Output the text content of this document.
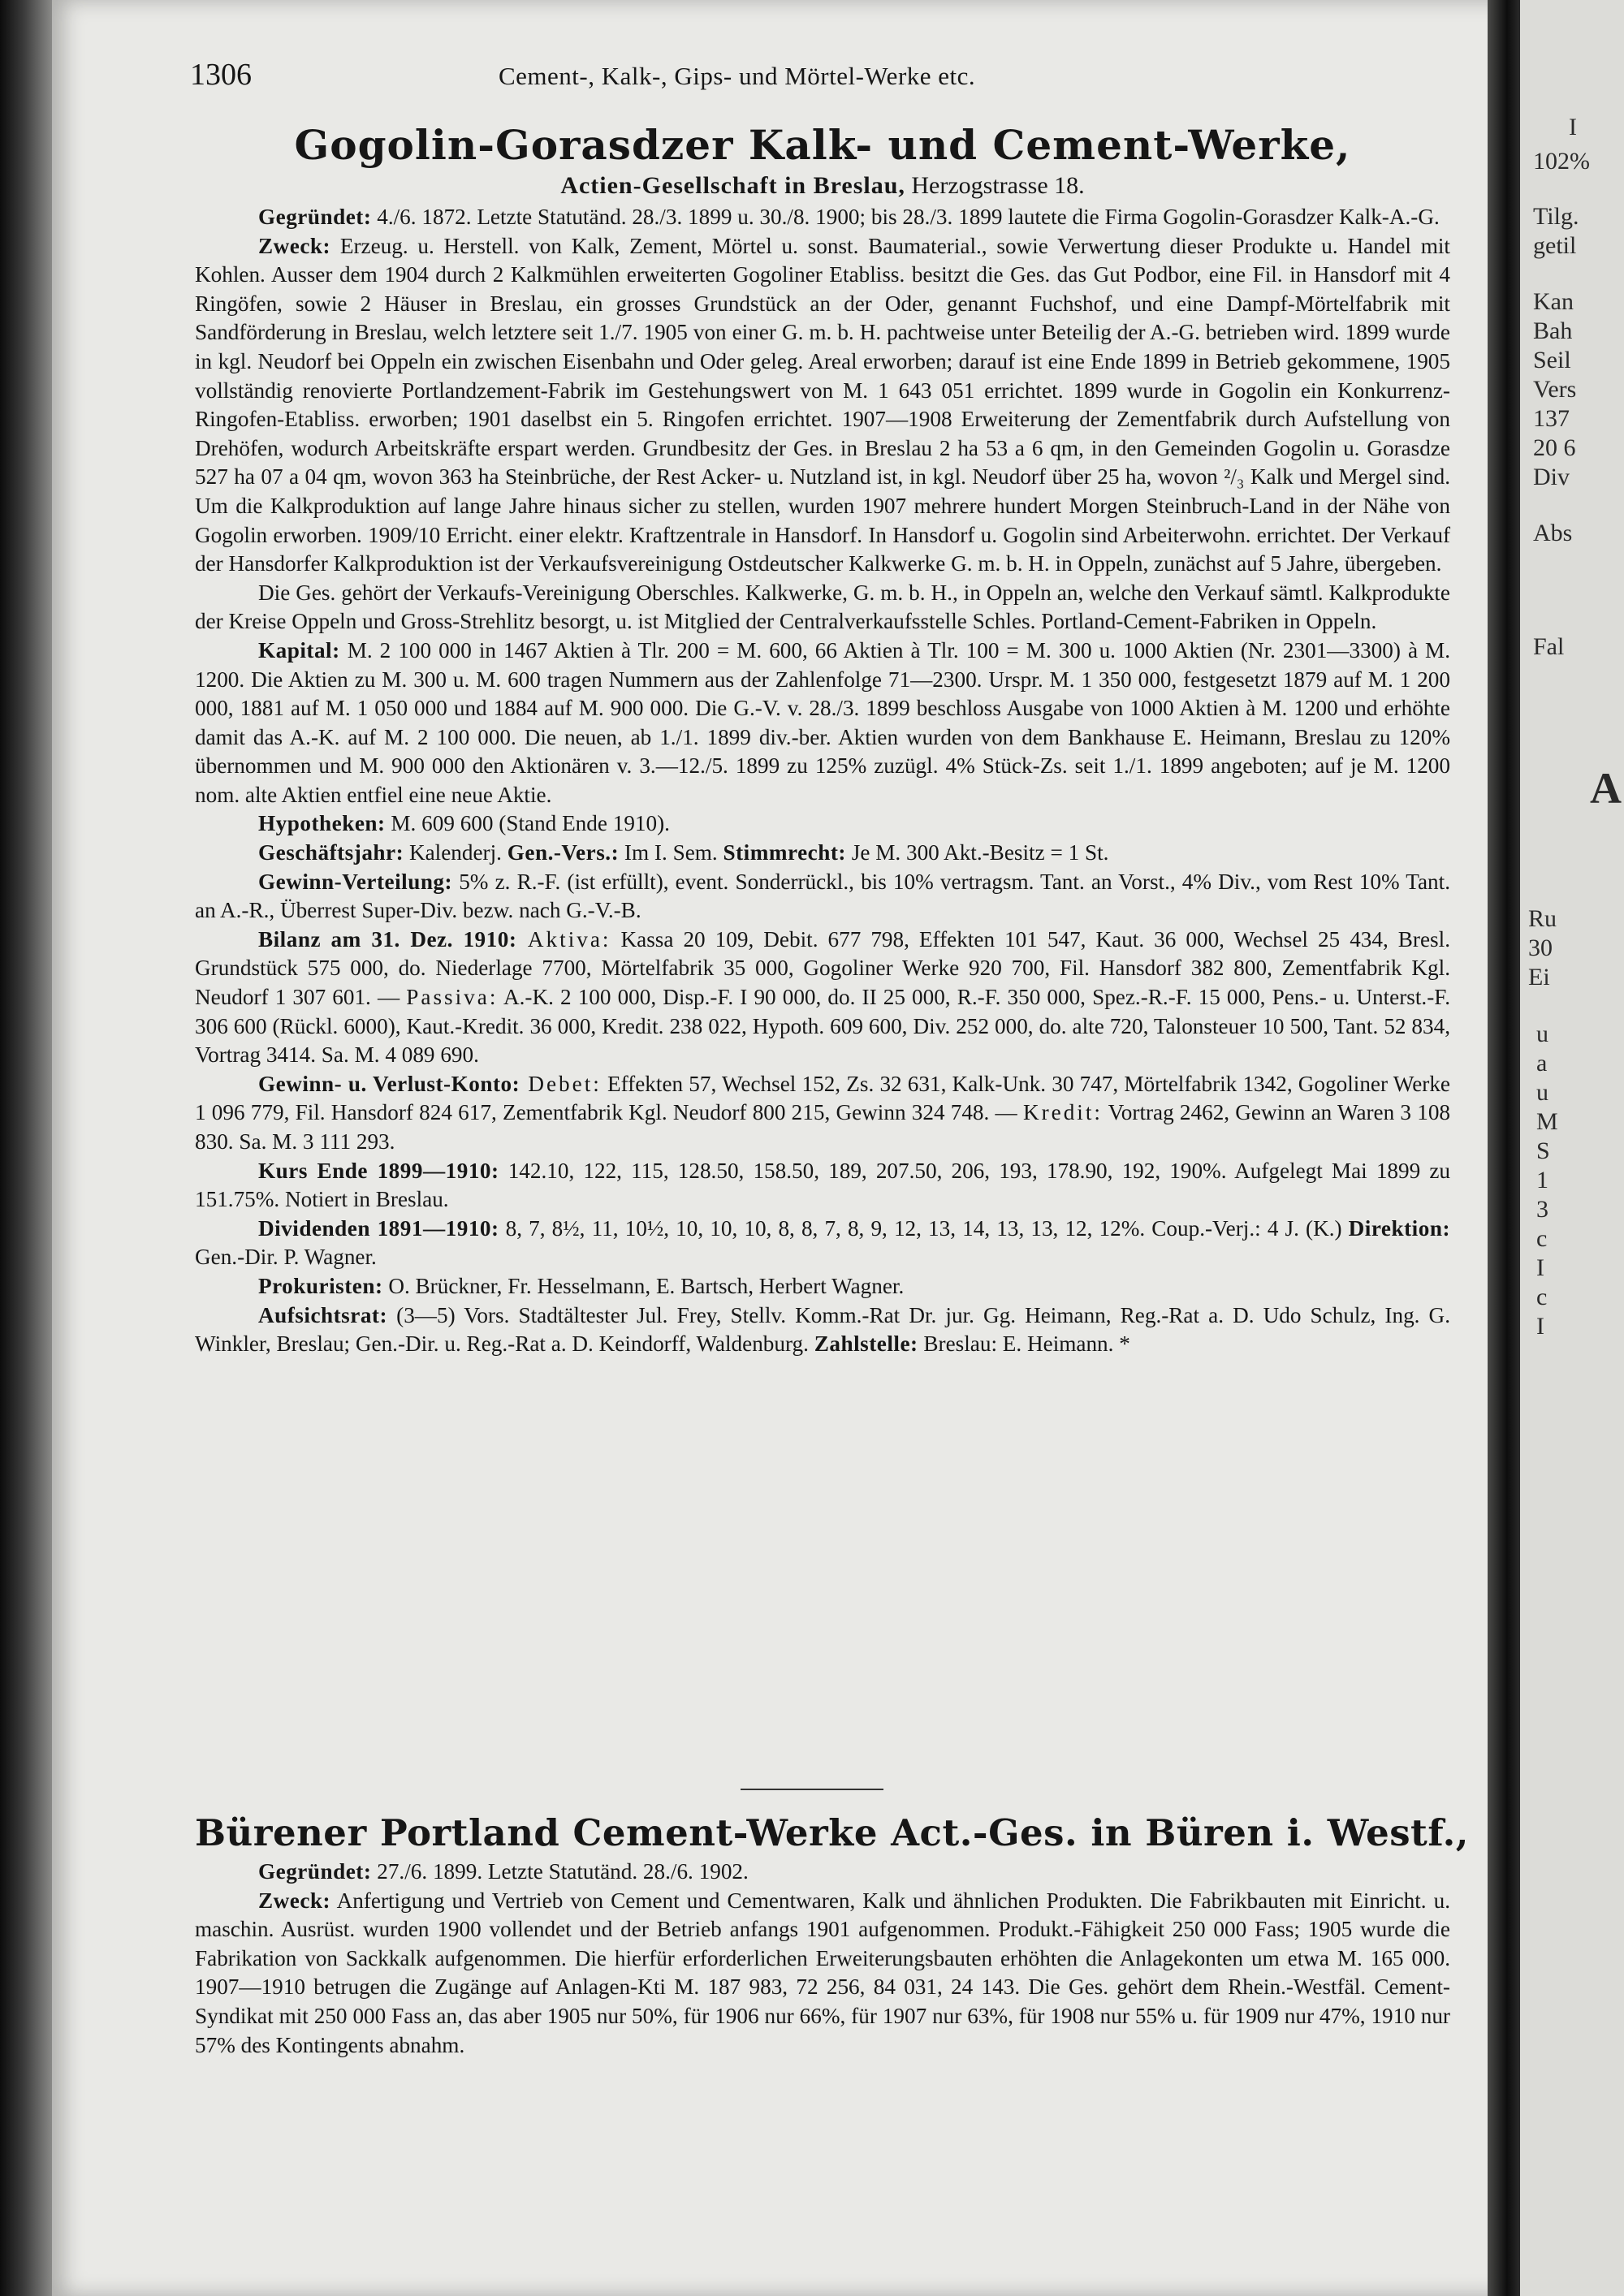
I
102%
Tilg.
getil
Kan
Bah
Seil
Vers
137
20 6
Div
Abs
Fal
A
Ru
30
Ei
u
a
u
M
S
1
3
c
I
c
I
1306	Cement-, Kalk-, Gips- und Mörtel-Werke etc.
Gogolin-Gorasdzer Kalk- und Cement-Werke,
Actien-Gesellschaft in Breslau, Herzogstrasse 18.

Gegründet: 4./6. 1872. Letzte Statutänd. 28./3. 1899 u. 30./8. 1900; bis 28./3. 1899 lautete die Firma Gogolin-Gorasdzer Kalk-A.-G.

Zweck: Erzeug. u. Herstell. von Kalk, Zement, Mörtel u. sonst. Baumaterial., sowie Verwertung dieser Produkte u. Handel mit Kohlen. Ausser dem 1904 durch 2 Kalkmühlen erweiterten Gogoliner Etabliss. besitzt die Ges. das Gut Podbor, eine Fil. in Hansdorf mit 4 Ringöfen, sowie 2 Häuser in Breslau, ein grosses Grundstück an der Oder, genannt Fuchshof, und eine Dampf-Mörtelfabrik mit Sandförderung in Breslau, welch letztere seit 1./7. 1905 von einer G. m. b. H. pachtweise unter Beteilig der A.-G. betrieben wird. 1899 wurde in kgl. Neudorf bei Oppeln ein zwischen Eisenbahn und Oder geleg. Areal erworben; darauf ist eine Ende 1899 in Betrieb gekommene, 1905 vollständig renovierte Portlandzement-Fabrik im Gestehungswert von M. 1 643 051 errichtet. 1899 wurde in Gogolin ein Konkurrenz-Ringofen-Etabliss. erworben; 1901 daselbst ein 5. Ringofen errichtet. 1907—1908 Erweiterung der Zementfabrik durch Aufstellung von Drehöfen, wodurch Arbeitskräfte erspart werden. Grundbesitz der Ges. in Breslau 2 ha 53 a 6 qm, in den Gemeinden Gogolin u. Gorasdze 527 ha 07 a 04 qm, wovon 363 ha Steinbrüche, der Rest Acker- u. Nutzland ist, in kgl. Neudorf über 25 ha, wovon ²/₃ Kalk und Mergel sind. Um die Kalkproduktion auf lange Jahre hinaus sicher zu stellen, wurden 1907 mehrere hundert Morgen Steinbruch-Land in der Nähe von Gogolin erworben. 1909/10 Erricht. einer elektr. Kraftzentrale in Hansdorf. In Hansdorf u. Gogolin sind Arbeiterwohn. errichtet. Der Verkauf der Hansdorfer Kalkproduktion ist der Verkaufsvereinigung Ostdeutscher Kalkwerke G. m. b. H. in Oppeln, zunächst auf 5 Jahre, übergeben.

Die Ges. gehört der Verkaufs-Vereinigung Oberschles. Kalkwerke, G. m. b. H., in Oppeln an, welche den Verkauf sämtl. Kalkprodukte der Kreise Oppeln und Gross-Strehlitz besorgt, u. ist Mitglied der Centralverkaufsstelle Schles. Portland-Cement-Fabriken in Oppeln.

Kapital: M. 2 100 000 in 1467 Aktien à Tlr. 200 = M. 600, 66 Aktien à Tlr. 100 = M. 300 u. 1000 Aktien (Nr. 2301—3300) à M. 1200. Die Aktien zu M. 300 u. M. 600 tragen Nummern aus der Zahlenfolge 71—2300. Urspr. M. 1 350 000, festgesetzt 1879 auf M. 1 200 000, 1881 auf M. 1 050 000 und 1884 auf M. 900 000. Die G.-V. v. 28./3. 1899 beschloss Ausgabe von 1000 Aktien à M. 1200 und erhöhte damit das A.-K. auf M. 2 100 000. Die neuen, ab 1./1. 1899 div.-ber. Aktien wurden von dem Bankhause E. Heimann, Breslau zu 120% übernommen und M. 900 000 den Aktionären v. 3.—12./5. 1899 zu 125% zuzügl. 4% Stück-Zs. seit 1./1. 1899 angeboten; auf je M. 1200 nom. alte Aktien entfiel eine neue Aktie.

Hypotheken: M. 609 600 (Stand Ende 1910).

Geschäftsjahr: Kalenderj. Gen.-Vers.: Im I. Sem. Stimmrecht: Je M. 300 Akt.-Besitz = 1 St.

Gewinn-Verteilung: 5% z. R.-F. (ist erfüllt), event. Sonderrückl., bis 10% vertragsm. Tant. an Vorst., 4% Div., vom Rest 10% Tant. an A.-R., Überrest Super-Div. bezw. nach G.-V.-B.

Bilanz am 31. Dez. 1910: Aktiva: Kassa 20 109, Debit. 677 798, Effekten 101 547, Kaut. 36 000, Wechsel 25 434, Bresl. Grundstück 575 000, do. Niederlage 7700, Mörtelfabrik 35 000, Gogoliner Werke 920 700, Fil. Hansdorf 382 800, Zementfabrik Kgl. Neudorf 1 307 601. — Passiva: A.-K. 2 100 000, Disp.-F. I 90 000, do. II 25 000, R.-F. 350 000, Spez.-R.-F. 15 000, Pens.- u. Unterst.-F. 306 600 (Rückl. 6000), Kaut.-Kredit. 36 000, Kredit. 238 022, Hypoth. 609 600, Div. 252 000, do. alte 720, Talonsteuer 10 500, Tant. 52 834, Vortrag 3414. Sa. M. 4 089 690.

Gewinn- u. Verlust-Konto: Debet: Effekten 57, Wechsel 152, Zs. 32 631, Kalk-Unk. 30 747, Mörtelfabrik 1342, Gogoliner Werke 1 096 779, Fil. Hansdorf 824 617, Zementfabrik Kgl. Neudorf 800 215, Gewinn 324 748. — Kredit: Vortrag 2462, Gewinn an Waren 3 108 830. Sa. M. 3 111 293.

Kurs Ende 1899—1910: 142.10, 122, 115, 128.50, 158.50, 189, 207.50, 206, 193, 178.90, 192, 190%. Aufgelegt Mai 1899 zu 151.75%. Notiert in Breslau.

Dividenden 1891—1910: 8, 7, 8½, 11, 10½, 10, 10, 10, 8, 8, 7, 8, 9, 12, 13, 14, 13, 13, 12, 12%. Coup.-Verj.: 4 J. (K.) Direktion: Gen.-Dir. P. Wagner.

Prokuristen: O. Brückner, Fr. Hesselmann, E. Bartsch, Herbert Wagner.

Aufsichtsrat: (3—5) Vors. Stadtältester Jul. Frey, Stellv. Komm.-Rat Dr. jur. Gg. Heimann, Reg.-Rat a. D. Udo Schulz, Ing. G. Winkler, Breslau; Gen.-Dir. u. Reg.-Rat a. D. Keindorff, Waldenburg. Zahlstelle: Breslau: E. Heimann. *

Bürener Portland Cement-Werke Act.-Ges. in Büren i. Westf.,

Gegründet: 27./6. 1899. Letzte Statutänd. 28./6. 1902.

Zweck: Anfertigung und Vertrieb von Cement und Cementwaren, Kalk und ähnlichen Produkten. Die Fabrikbauten mit Einricht. u. maschin. Ausrüst. wurden 1900 vollendet und der Betrieb anfangs 1901 aufgenommen. Produkt.-Fähigkeit 250 000 Fass; 1905 wurde die Fabrikation von Sackkalk aufgenommen. Die hierfür erforderlichen Erweiterungsbauten erhöhten die Anlagekonten um etwa M. 165 000. 1907—1910 betrugen die Zugänge auf Anlagen-Kti M. 187 983, 72 256, 84 031, 24 143. Die Ges. gehört dem Rhein.-Westfäl. Cement-Syndikat mit 250 000 Fass an, das aber 1905 nur 50%, für 1906 nur 66%, für 1907 nur 63%, für 1908 nur 55% u. für 1909 nur 47%, 1910 nur 57% des Kontingents abnahm.
